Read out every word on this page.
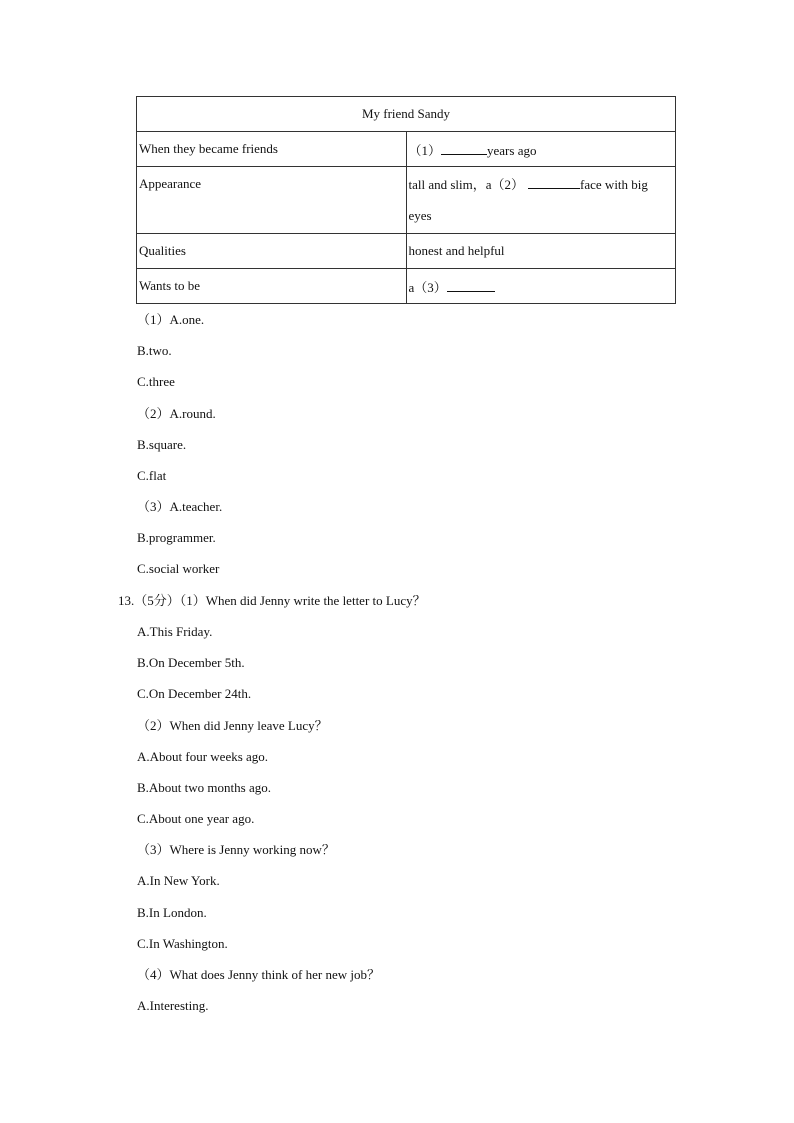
My friend Sandy	
When they became friends	（1） years ago
Appearance	tall and slim，a（2） face with big eyes
Qualities	honest and helpful
Wants to be	a（3）
（1）A.one.
B.two.
C.three
（2）A.round.
B.square.
C.flat
（3）A.teacher.
B.programmer.
C.social worker
13.（5分）（1）When did Jenny write the letter to Lucy？
A.This Friday.
B.On December 5th.
C.On December 24th.
（2）When did Jenny leave Lucy？
A.About four weeks ago.
B.About two months ago.
C.About one year ago.
（3）Where is Jenny working now？
A.In New York.
B.In London.
C.In Washington.
（4）What does Jenny think of her new job？
A.Interesting.
